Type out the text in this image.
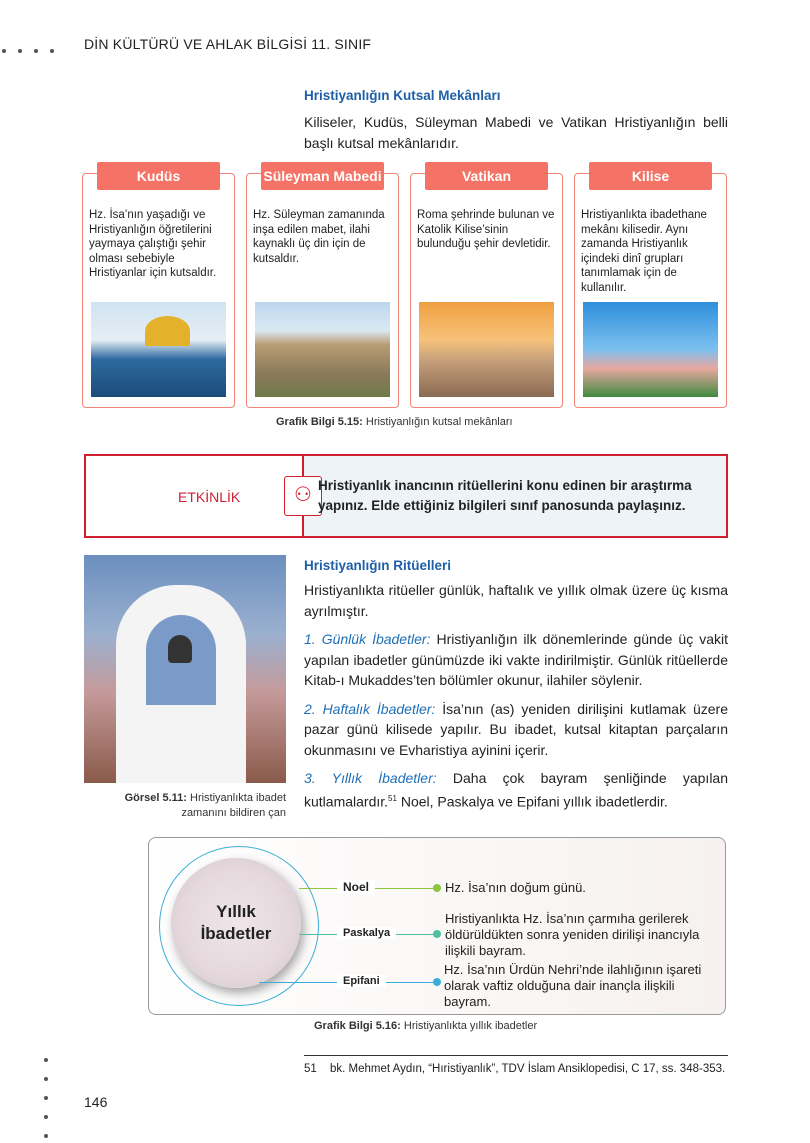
DİN KÜLTÜRÜ VE AHLAK BİLGİSİ 11. SINIF
Hristiyanlığın Kutsal Mekânları
Kiliseler, Kudüs, Süleyman Mabedi ve Vatikan Hristiyanlığın belli başlı kutsal mekânlarıdır.
Kudüs
Hz. İsa’nın yaşadığı ve Hristiyanlığın öğretilerini yaymaya çalıştığı şehir olması sebebiyle Hristiyanlar için kutsaldır.
Süleyman Mabedi
Hz. Süleyman zamanında inşa edilen mabet, ilahi kaynaklı üç din için de kutsaldır.
Vatikan
Roma şehrinde bulunan ve Katolik Kilise’sinin bulunduğu şehir devletidir.
Kilise
Hristiyanlıkta ibadethane mekânı kilisedir. Aynı zamanda Hristiyanlık içindeki dinî grupları tanımlamak için de kullanılır.
Grafik Bilgi 5.15: Hristiyanlığın kutsal mekânları
ETKİNLİK	⚇ Hristiyanlık inancının ritüellerini konu edinen bir araştırma yapınız. Elde ettiğiniz bilgileri sınıf panosunda paylaşınız.
Görsel 5.11: Hristiyanlıkta ibadet zamanını bildiren çan
Hristiyanlığın Ritüelleri

Hristiyanlıkta ritüeller günlük, haftalık ve yıllık olmak üzere üç kısma ayrılmıştır.

1. Günlük İbadetler: Hristiyanlığın ilk dönemlerinde günde üç vakit yapılan ibadetler günümüzde iki vakte indirilmiştir. Günlük ritüellerde Kitab-ı Mukaddes’ten bölümler okunur, ilahiler söylenir.

2. Haftalık İbadetler: İsa’nın (as) yeniden dirilişini kutlamak üzere pazar günü kilisede yapılır. Bu ibadet, kutsal kitaptan parçaların okunmasını ve Evharistiya ayinini içerir.

3. Yıllık İbadetler: Daha çok bayram şenliğinde yapılan kutlamalardır.$^{51}$ Noel, Paskalya ve Epifani yıllık ibadetlerdir.

Yıllık İbadetler
Noel
Paskalya
Epifani
Hz. İsa’nın doğum günü.
Hristiyanlıkta Hz. İsa’nın çarmıha gerilerek öldürüldükten sonra yeniden dirilişi inancıyla ilişkili bayram.
Hz. İsa’nın Ürdün Nehri’nde ilahlığının işareti olarak vaftiz olduğuna dair inançla ilişkili bayram.
Grafik Bilgi 5.16: Hristiyanlıkta yıllık ibadetler
51	bk. Mehmet Aydın, “Hıristiyanlık”, TDV İslam Ansiklopedisi, C 17, ss. 348-353.
146
